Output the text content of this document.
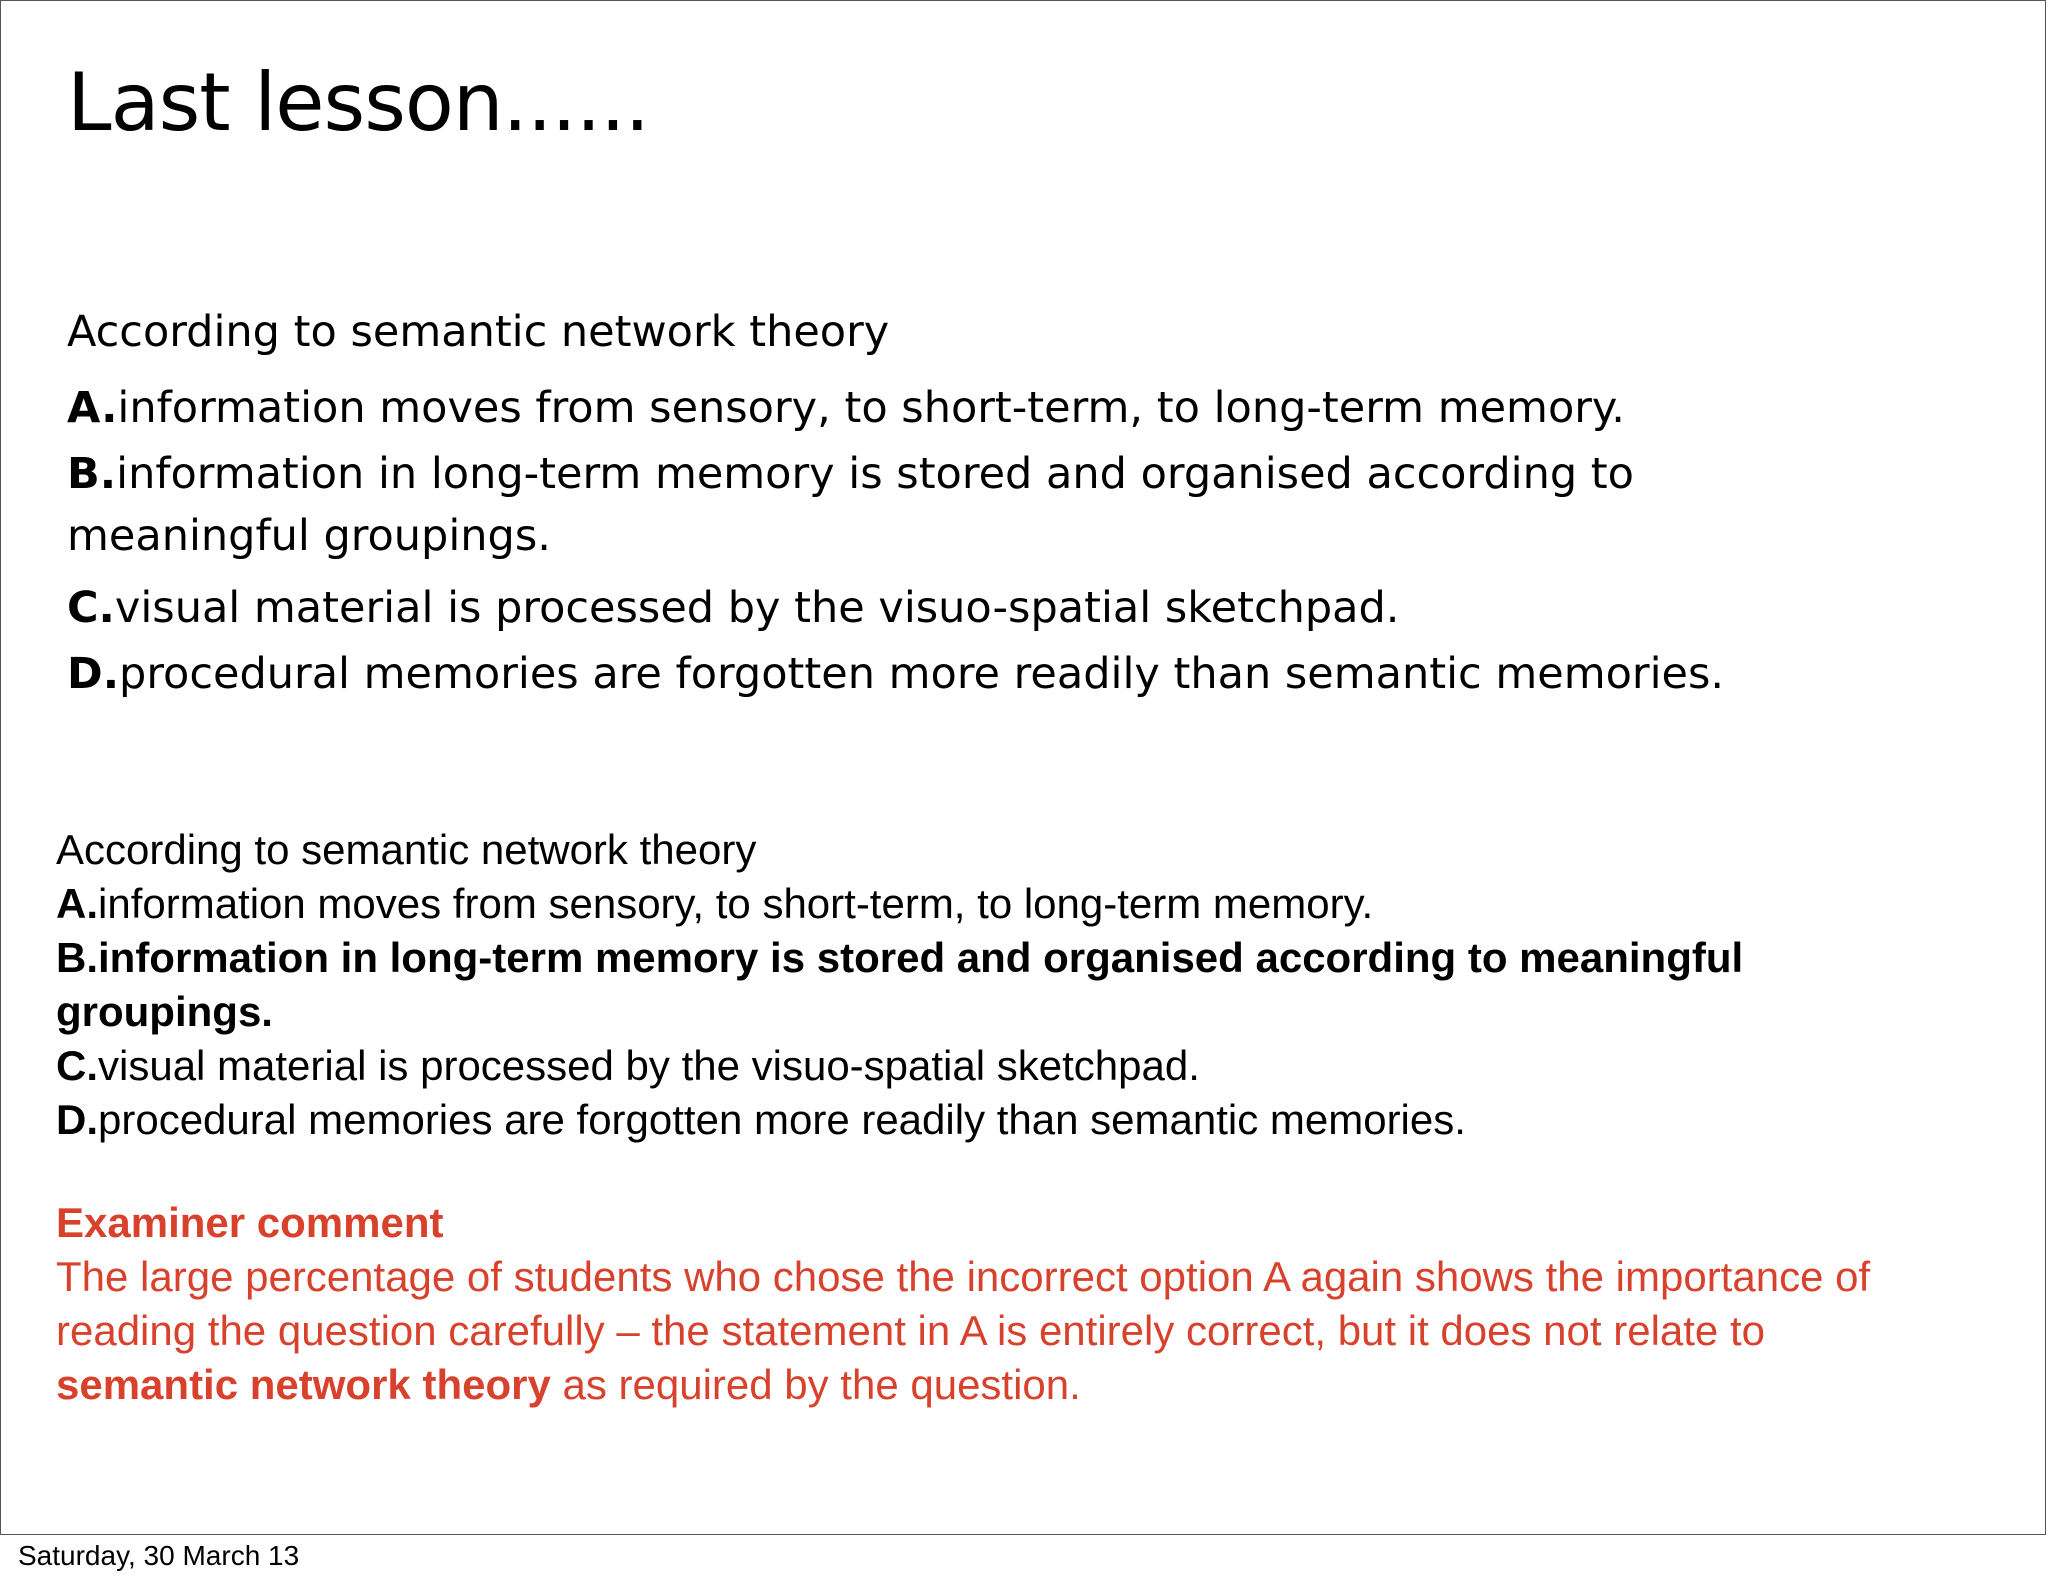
Last lesson......
According to semantic network theory
A.information moves from sensory, to short-term, to long-term memory.
B.information in long-term memory is stored and organised according to meaningful groupings.
C.visual material is processed by the visuo-spatial sketchpad.
D.procedural memories are forgotten more readily than semantic memories.
According to semantic network theory
A.information moves from sensory, to short-term, to long-term memory.
B.information in long-term memory is stored and organised according to meaningful groupings.
C.visual material is processed by the visuo-spatial sketchpad.
D.procedural memories are forgotten more readily than semantic memories.
Examiner comment
The large percentage of students who chose the incorrect option A again shows the importance of reading the question carefully – the statement in A is entirely correct, but it does not relate to semantic network theory as required by the question.
Saturday, 30 March 13
